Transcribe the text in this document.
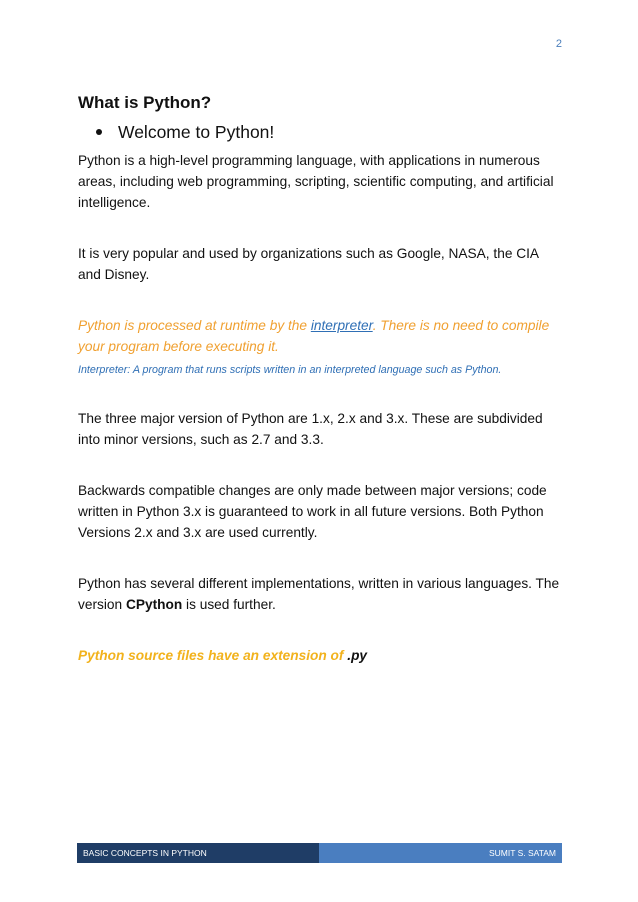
2
What is Python?
Welcome to Python!

Python is a high-level programming language, with applications in numerous areas, including web programming, scripting, scientific computing, and artificial intelligence.

It is very popular and used by organizations such as Google, NASA, the CIA and Disney.

Python is processed at runtime by the interpreter. There is no need to compile your program before executing it.

Interpreter: A program that runs scripts written in an interpreted language such as Python.

The three major version of Python are 1.x, 2.x and 3.x. These are subdivided into minor versions, such as 2.7 and 3.3.

Backwards compatible changes are only made between major versions; code written in Python 3.x is guaranteed to work in all future versions. Both Python Versions 2.x and 3.x are used currently.

Python has several different implementations, written in various languages. The version CPython is used further.

Python source files have an extension of .py

BASIC CONCEPTS IN PYTHON	SUMIT S. SATAM
